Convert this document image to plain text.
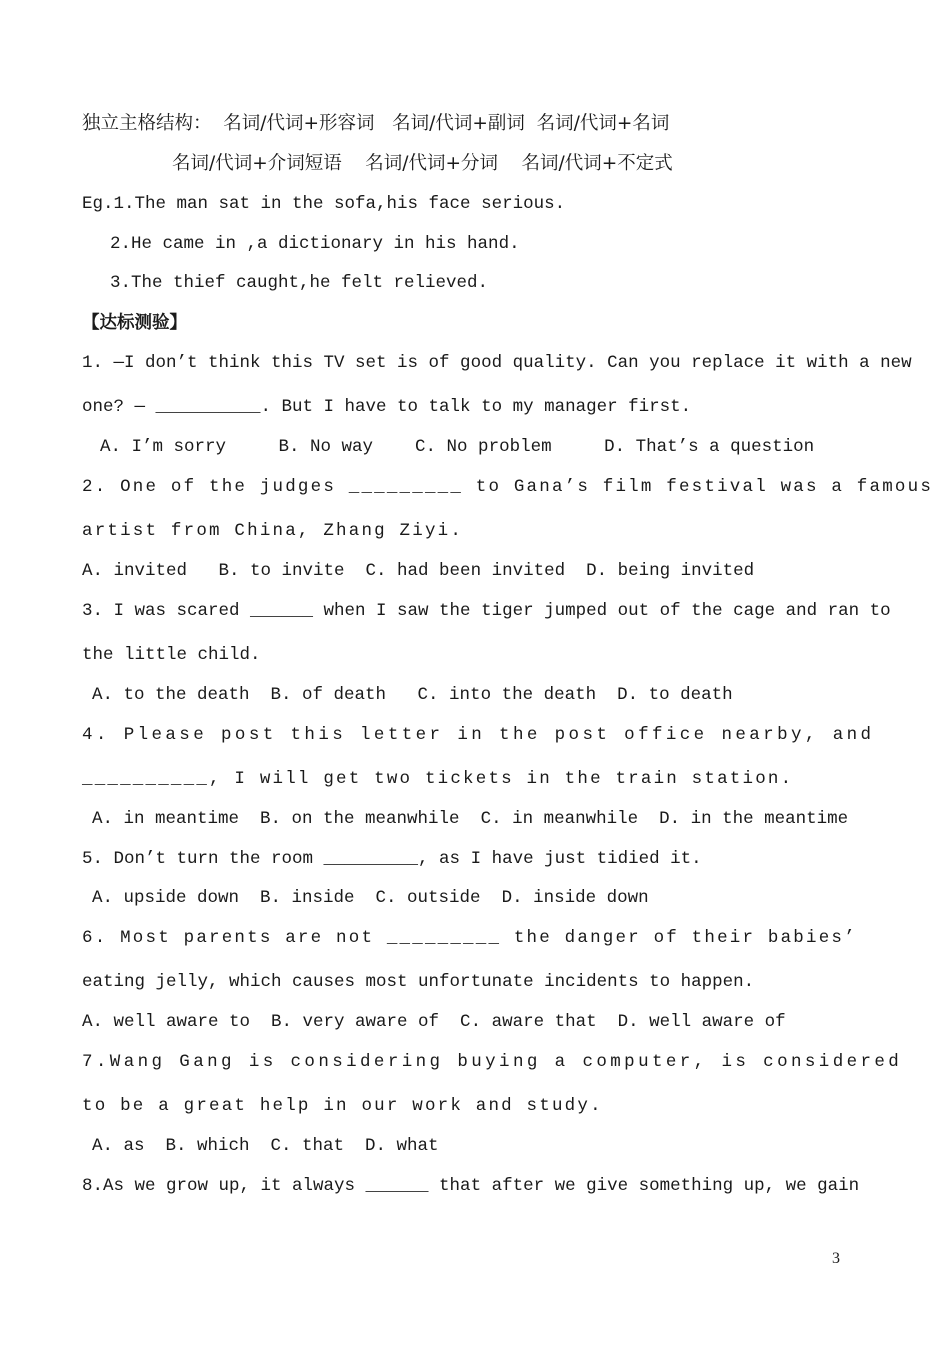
独立主格结构：  名词/代词+形容词   名词/代词+副词  名词/代词+名词
名词/代词+介词短语    名词/代词+分词    名词/代词+不定式
Eg.1.The man sat in the sofa,his face serious.
2.He came in ,a dictionary in his hand.
3.The thief caught,he felt relieved.
【达标测验】
1. —I don’t think this TV set is of good quality. Can you replace it with a new
one? — __________. But I have to talk to my manager first.
A. I’m sorry     B. No way    C. No problem     D. That’s a question
2. One of the judges _________ to Gana’s film festival was a famous
artist from China, Zhang Ziyi.
A. invited   B. to invite  C. had been invited  D. being invited
3. I was scared ______ when I saw the tiger jumped out of the cage and ran to
the little child.
A. to the death  B. of death   C. into the death  D. to death
4. Please post this letter in the post office nearby, and
__________, I will get two tickets in the train station.
A. in meantime  B. on the meanwhile  C. in meanwhile  D. in the meantime
5. Don’t turn the room _________, as I have just tidied it.
A. upside down  B. inside  C. outside  D. inside down
6. Most parents are not _________ the danger of their babies’
eating jelly, which causes most unfortunate incidents to happen.
A. well aware to  B. very aware of  C. aware that  D. well aware of
7.Wang Gang is considering buying a computer, is considered
to be a great help in our work and study.
A. as  B. which  C. that  D. what
8.As we grow up, it always ______ that after we give something up, we gain
3
